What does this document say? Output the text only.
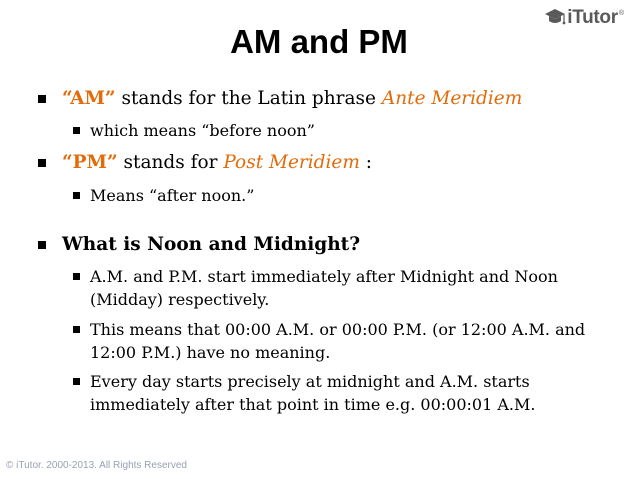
iTutor ®
AM and PM
“AM” stands for the Latin phrase Ante Meridiem
which means “before noon”
“PM” stands for Post Meridiem :
Means “after noon.”
What is Noon and Midnight?
A.M. and P.M. start immediately after Midnight and Noon (Midday) respectively.
This means that 00:00 A.M. or 00:00 P.M. (or 12:00 A.M. and 12:00 P.M.) have no meaning.
Every day starts precisely at midnight and A.M. starts immediately after that point in time e.g. 00:00:01 A.M.
© iTutor. 2000-2013. All Rights Reserved
